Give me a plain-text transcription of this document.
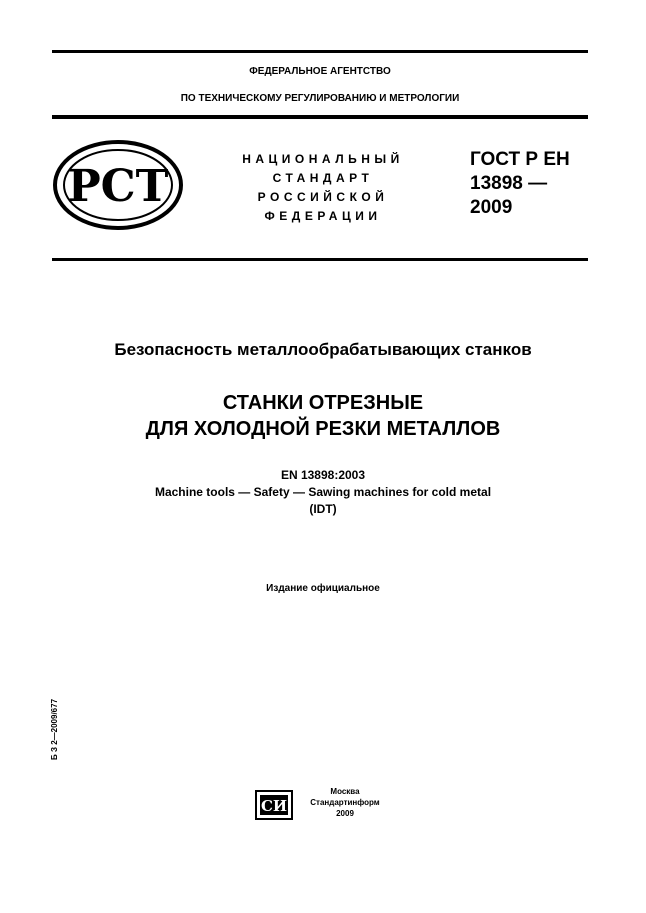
ФЕДЕРАЛЬНОЕ АГЕНТСТВО
ПО ТЕХНИЧЕСКОМУ РЕГУЛИРОВАНИЮ И МЕТРОЛОГИИ
РСТ
НАЦИОНАЛЬНЫЙ
СТАНДАРТ
РОССИЙСКОЙ
ФЕДЕРАЦИИ
ГОСТ Р ЕН
13898 —
2009
Безопасность металлообрабатывающих станков
СТАНКИ ОТРЕЗНЫЕ
ДЛЯ ХОЛОДНОЙ РЕЗКИ МЕТАЛЛОВ
EN 13898:2003
Machine tools — Safety — Sawing machines for cold metal
(IDT)
Издание официальное
Б З 2—2009/677
СИ
Москва
Стандартинформ
2009
